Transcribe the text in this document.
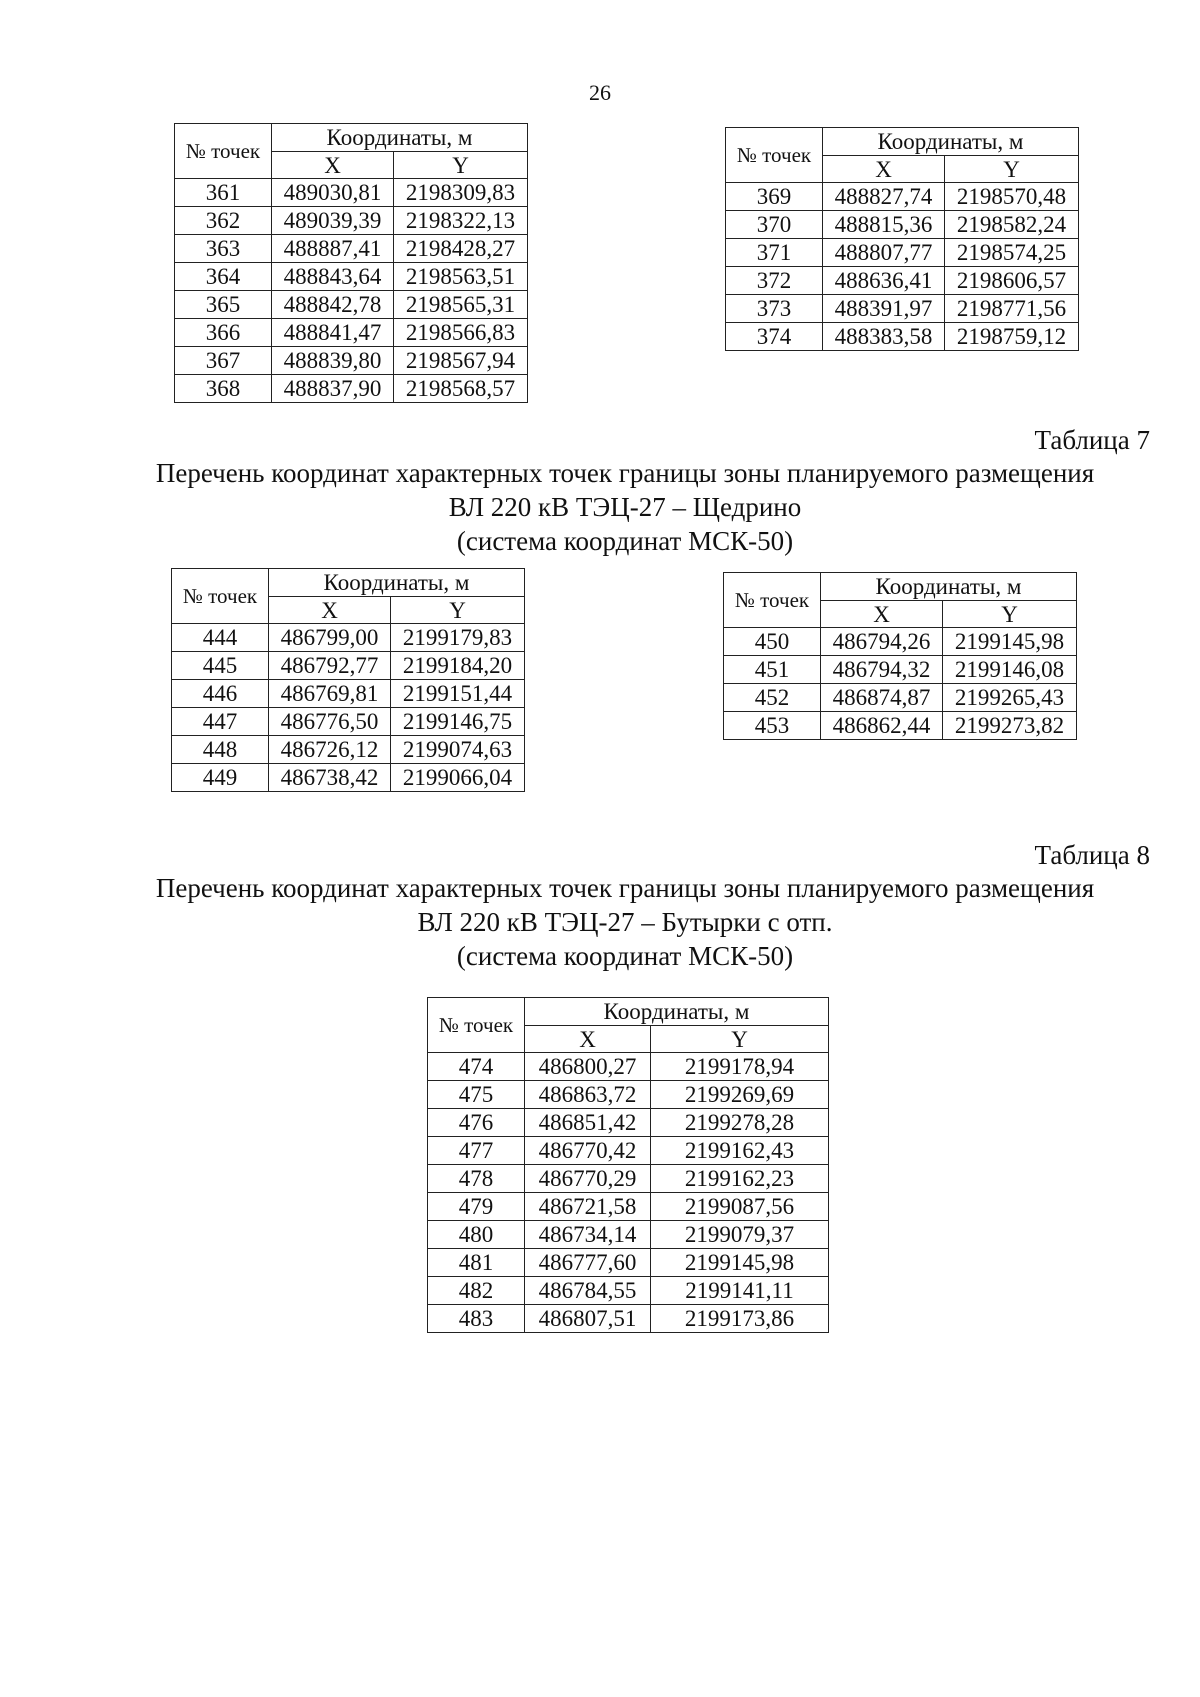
26
№ точек	Координаты, м	
	X	Y
361	489030,81	2198309,83
362	489039,39	2198322,13
363	488887,41	2198428,27
364	488843,64	2198563,51
365	488842,78	2198565,31
366	488841,47	2198566,83
367	488839,80	2198567,94
368	488837,90	2198568,57
№ точек	Координаты, м	
	X	Y
369	488827,74	2198570,48
370	488815,36	2198582,24
371	488807,77	2198574,25
372	488636,41	2198606,57
373	488391,97	2198771,56
374	488383,58	2198759,12
Таблица 7
Перечень координат характерных точек границы зоны планируемого размещения
ВЛ 220 кВ ТЭЦ-27 – Щедрино
(система координат МСК-50)
№ точек	Координаты, м	
	X	Y
444	486799,00	2199179,83
445	486792,77	2199184,20
446	486769,81	2199151,44
447	486776,50	2199146,75
448	486726,12	2199074,63
449	486738,42	2199066,04
№ точек	Координаты, м	
	X	Y
450	486794,26	2199145,98
451	486794,32	2199146,08
452	486874,87	2199265,43
453	486862,44	2199273,82
Таблица 8
Перечень координат характерных точек границы зоны планируемого размещения
ВЛ 220 кВ ТЭЦ-27 – Бутырки с отп.
(система координат МСК-50)
№ точек	Координаты, м	
	X	Y
474	486800,27	2199178,94
475	486863,72	2199269,69
476	486851,42	2199278,28
477	486770,42	2199162,43
478	486770,29	2199162,23
479	486721,58	2199087,56
480	486734,14	2199079,37
481	486777,60	2199145,98
482	486784,55	2199141,11
483	486807,51	2199173,86
